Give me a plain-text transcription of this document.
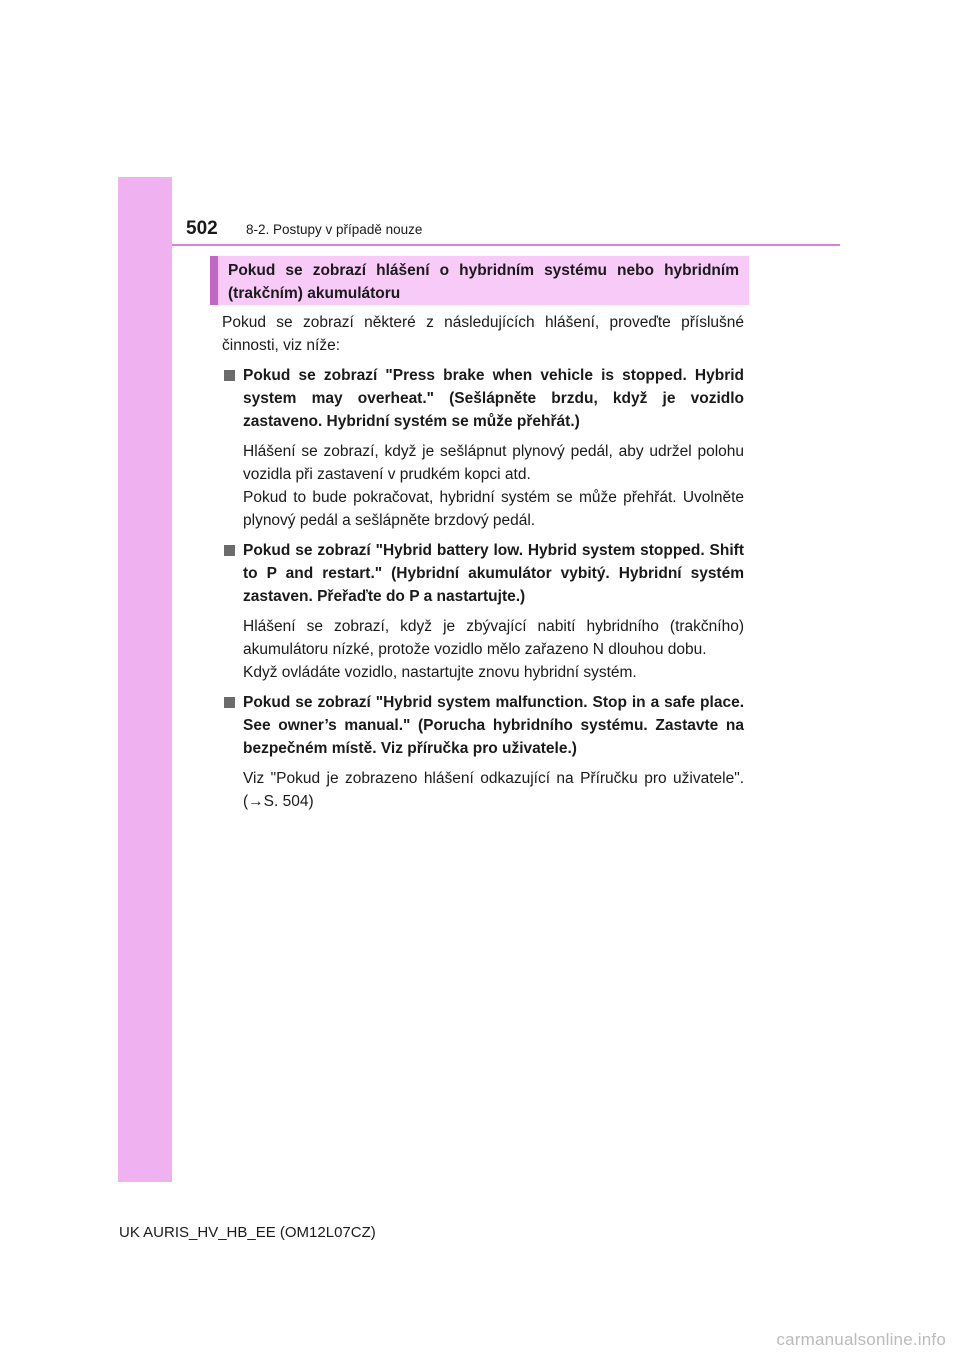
502 8-2. Postupy v případě nouze

Pokud se zobrazí hlášení o hybridním systému nebo hybridním (trakčním) akumulátoru

Pokud se zobrazí některé z následujících hlášení, proveďte příslušné činnosti, viz níže:

Pokud se zobrazí "Press brake when vehicle is stopped. Hybrid system may overheat." (Sešlápněte brzdu, když je vozidlo zastaveno. Hybridní systém se může přehřát.)

Hlášení se zobrazí, když je sešlápnut plynový pedál, aby udržel polohu vozidla při zastavení v prudkém kopci atd.
Pokud to bude pokračovat, hybridní systém se může přehřát. Uvolněte plynový pedál a sešlápněte brzdový pedál.

Pokud se zobrazí "Hybrid battery low. Hybrid system stopped. Shift to P and restart." (Hybridní akumulátor vybitý. Hybridní systém zastaven. Přeřaďte do P a nastartujte.)

Hlášení se zobrazí, když je zbývající nabití hybridního (trakčního) akumulátoru nízké, protože vozidlo mělo zařazeno N dlouhou dobu.
Když ovládáte vozidlo, nastartujte znovu hybridní systém.

Pokud se zobrazí "Hybrid system malfunction. Stop in a safe place. See owner’s manual." (Porucha hybridního systému. Zastavte na bezpečném místě. Viz příručka pro uživatele.)

Viz "Pokud je zobrazeno hlášení odkazující na Příručku pro uživatele". (→S. 504)

UK AURIS_HV_HB_EE (OM12L07CZ)
carmanualsonline.info
